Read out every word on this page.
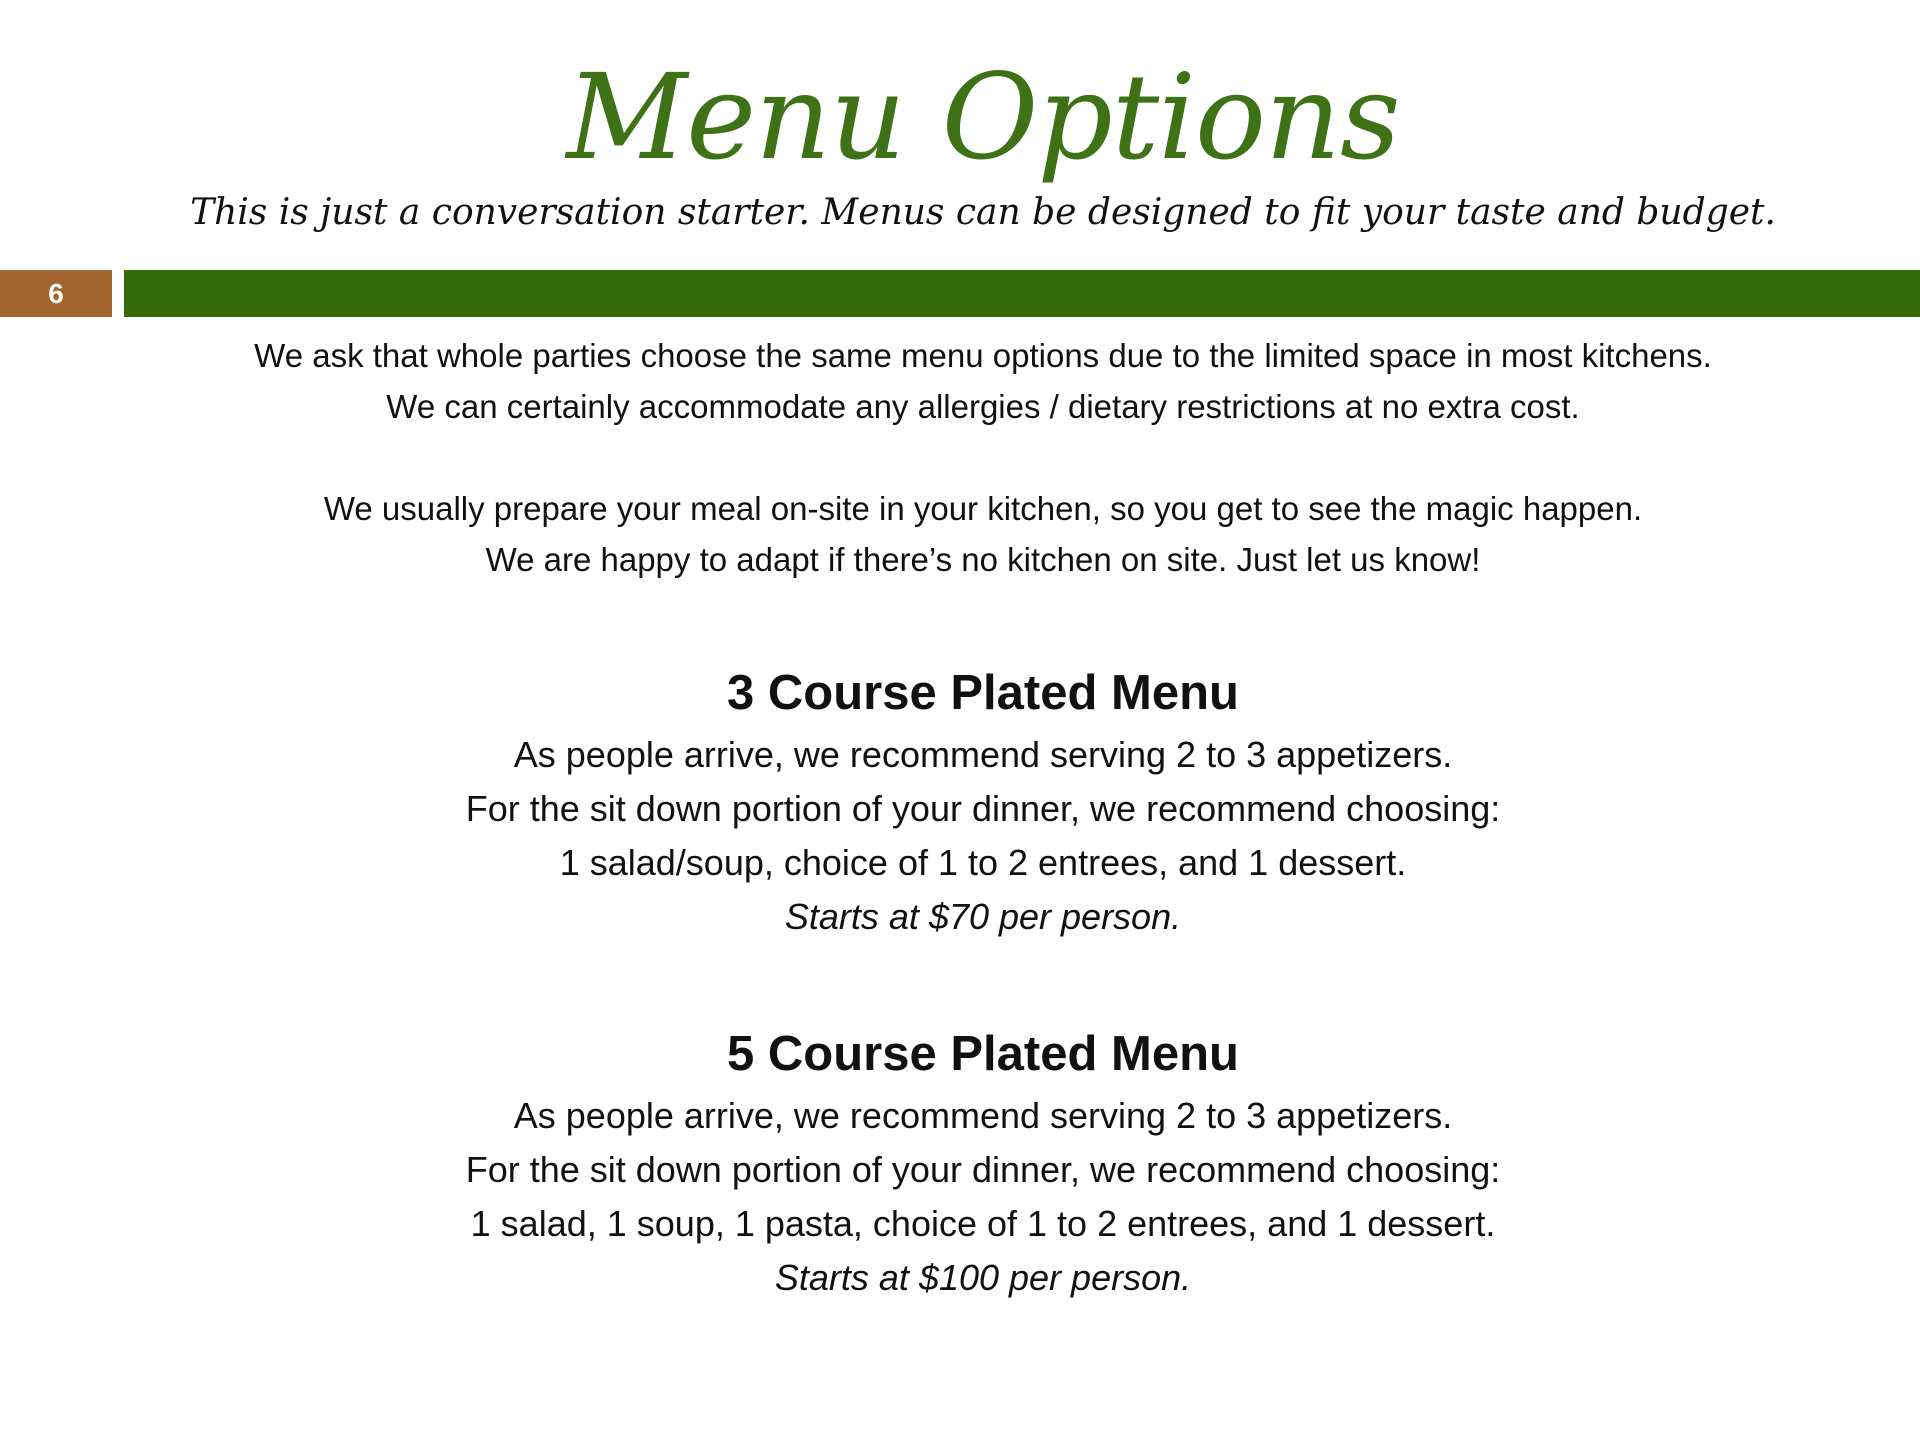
Menu Options
This is just a conversation starter. Menus can be designed to fit your taste and budget.
6

We ask that whole parties choose the same menu options due to the limited space in most kitchens.

We can certainly accommodate any allergies / dietary restrictions at no extra cost.

We usually prepare your meal on-site in your kitchen, so you get to see the magic happen.

We are happy to adapt if there’s no kitchen on site. Just let us know!

3 Course Plated Menu

As people arrive, we recommend serving 2 to 3 appetizers.

For the sit down portion of your dinner, we recommend choosing:

1 salad/soup, choice of 1 to 2 entrees, and 1 dessert.

Starts at $70 per person.

5 Course Plated Menu

As people arrive, we recommend serving 2 to 3 appetizers.

For the sit down portion of your dinner, we recommend choosing:

1 salad, 1 soup, 1 pasta, choice of 1 to 2 entrees, and 1 dessert.

Starts at $100 per person.
